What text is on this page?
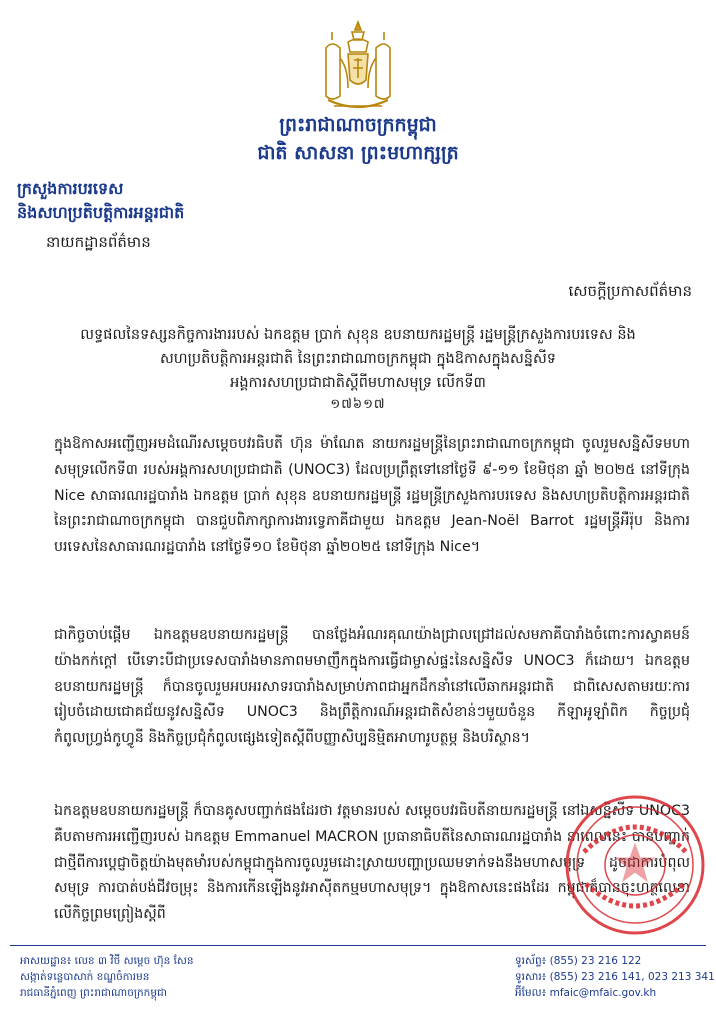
ព្រះរាជាណាចក្រកម្ពុជា
ជាតិ សាសនា ព្រះមហាក្សត្រ
ក្រសួងការបរទេស
និងសហប្រតិបត្តិការអន្តរជាតិ
នាយកដ្ឋានព័ត៌មាន
សេចក្តីប្រកាសព័ត៌មាន
លទ្ធផលនៃទស្សនកិច្ចការងាររបស់ ឯកឧត្តម ប្រាក់ សុខុន ឧបនាយករដ្ឋមន្ត្រី រដ្ឋមន្ត្រីក្រសួងការបរទេស និង
សហប្រតិបត្តិការអន្តរជាតិ នៃព្រះរាជាណាចក្រកម្ពុជា ក្នុងឱកាសក្នុងសន្និសីទ
អង្គការសហប្រជាជាតិស្តីពីមហាសមុទ្រ លើកទី៣
១៧៦១៧
ក្នុងឱកាសអញ្ជើញអមដំណើរសម្តេចបវរធិបតី ហ៊ុន ម៉ាណែត នាយករដ្ឋមន្ត្រីនៃព្រះរាជាណាចក្រកម្ពុជា ចូលរួមសន្និសីទមហាសមុទ្រលើកទី៣ របស់អង្គការសហប្រជាជាតិ (UNOC3) ដែលប្រព្រឹត្តទៅនៅថ្ងៃទី ៩-១១ ខែមិថុនា ឆ្នាំ ២០២៥ នៅទីក្រុង Nice សាធារណរដ្ឋបារាំង ឯកឧត្តម ប្រាក់ សុខុន ឧបនាយករដ្ឋមន្ត្រី រដ្ឋមន្ត្រីក្រសួងការបរទេស និងសហប្រតិបត្តិការអន្តរជាតិនៃព្រះរាជាណាចក្រកម្ពុជា បានជួបពិភាក្សាការងារទ្វេភាគីជាមួយ ឯកឧត្តម Jean-Noël Barrot រដ្ឋមន្ត្រីអឺរ៉ុប និងការបរទេសនៃសាធារណរដ្ឋបារាំង នៅថ្ងៃទី១០ ខែមិថុនា ឆ្នាំ២០២៥ នៅទីក្រុង Nice។
ជាកិច្ចចាប់ផ្តើម ឯកឧត្តមឧបនាយករដ្ឋមន្ត្រី បានថ្លែងអំណរគុណយ៉ាងជ្រាលជ្រៅដល់សមភាគីបារាំងចំពោះការស្វាគមន៍យ៉ាងកក់ក្តៅ បើទោះបីជាប្រទេសបារាំងមានភាពមមាញឹកក្នុងការធ្វើជាម្ចាស់ផ្ទះនៃសន្និសីទ UNOC3 ក៏ដោយ។ ឯកឧត្តមឧបនាយករដ្ឋមន្ត្រី ក៏បានចូលរួមអបអរសាទរបារាំងសម្រាប់ភាពជាអ្នកដឹកនាំនៅលើឆាកអន្តរជាតិ ជាពិសេសតាមរយៈការរៀបចំដោយជោគជ័យនូវសន្និសីទ UNOC3 និងព្រឹត្តិការណ៍អន្តរជាតិសំខាន់ៗមួយចំនួន កីឡាអូឡាំពិក កិច្ចប្រជុំកំពូលហ្វ្រង់កូហ្វូនី និងកិច្ចប្រជុំកំពូលផ្សេងទៀតស្តីពីបញ្ញាសិប្បនិម្មិតអាហារូបត្ថម្ភ និងបរិស្ថាន។
ឯកឧត្តមឧបនាយករដ្ឋមន្ត្រី ក៏បានគូសបញ្ជាក់ផងដែរថា វត្តមានរបស់ សម្តេចបវរធិបតីនាយករដ្ឋមន្ត្រី នៅឯសន្និសីទ UNOC3 គឺបតាមការអញ្ជើញរបស់ ឯកឧត្តម Emmanuel MACRON ប្រធានាធិបតីនៃសាធារណរដ្ឋបារាំង នាពេលនេះ បានបញ្ជាក់ជាថ្មីពីការប្តេជ្ញាចិត្តយ៉ាងមុតមាំរបស់កម្ពុជាក្នុងការចូលរួមដោះស្រាយបញ្ហាប្រឈមទាក់ទងនឹងមហាសមុទ្រ ដូចជាការបំពុលសមុទ្រ ការបាត់បង់ជីវចម្រុះ និងការកើនឡើងនូវអាស៊ីតកម្មមហាសមុទ្រ។ ក្នុងឱកាសនេះផងដែរ កម្ពុជាក៏បានចុះហត្ថលេខាលើកិច្ចព្រមព្រៀងស្តីពី
អាសយដ្ឋាន៖ លេខ ៣ វិថី សម្តេច ហ៊ុន សែន
សង្កាត់ទន្លេបាសាក់ ខណ្ឌចំការមន
រាជធានីភ្នំពេញ ព្រះរាជាណាចក្រកម្ពុជា
ទូរស័ព្ទ៖ (855) 23 216 122
ទូរសារ៖ (855) 23 216 141, 023 213 341
អ៊ីមែល៖ mfaic@mfaic.gov.kh
